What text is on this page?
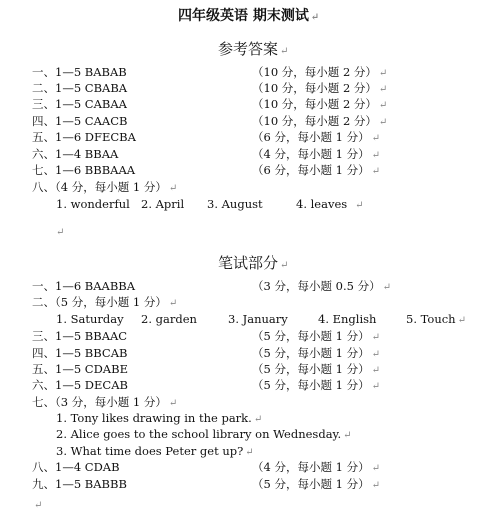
四年级英语 期末测试 ↵
参考答案 ↵
一、1—5 BABAB	（10 分，每小题 2 分） ↵
二、1—5 CBABA	（10 分，每小题 2 分） ↵
三、1—5 CABAA	（10 分，每小题 2 分） ↵
四、1—5 CAACB	（10 分，每小题 2 分） ↵
五、1—6 DFECBA	（6 分，每小题 1 分） ↵
六、1—4 BBAA	（4 分，每小题 1 分） ↵
七、1—6 BBBAAA	（6 分，每小题 1 分） ↵
八、（4 分，每小题 1 分） ↵
1. wonderful 2. April 3. August	4. leaves ↵
↵
笔试部分 ↵
一、1—6 BAABBA	（3 分，每小题 0.5 分） ↵
二、（5 分，每小题 1 分） ↵
1. Saturday 2. garden	3. January	4. English	5. Touch ↵
三、1—5 BBAAC	（5 分，每小题 1 分） ↵
四、1—5 BBCAB	（5 分，每小题 1 分） ↵
五、1—5 CDABE	（5 分，每小题 1 分） ↵
六、1—5 DECAB	（5 分，每小题 1 分） ↵
七、（3 分，每小题 1 分） ↵
1. Tony likes drawing in the park. ↵
2. Alice goes to the school library on Wednesday. ↵
3. What time does Peter get up? ↵
八、1—4 CDAB	（4 分，每小题 1 分） ↵
九、1—5 BABBB	（5 分，每小题 1 分） ↵
↵
